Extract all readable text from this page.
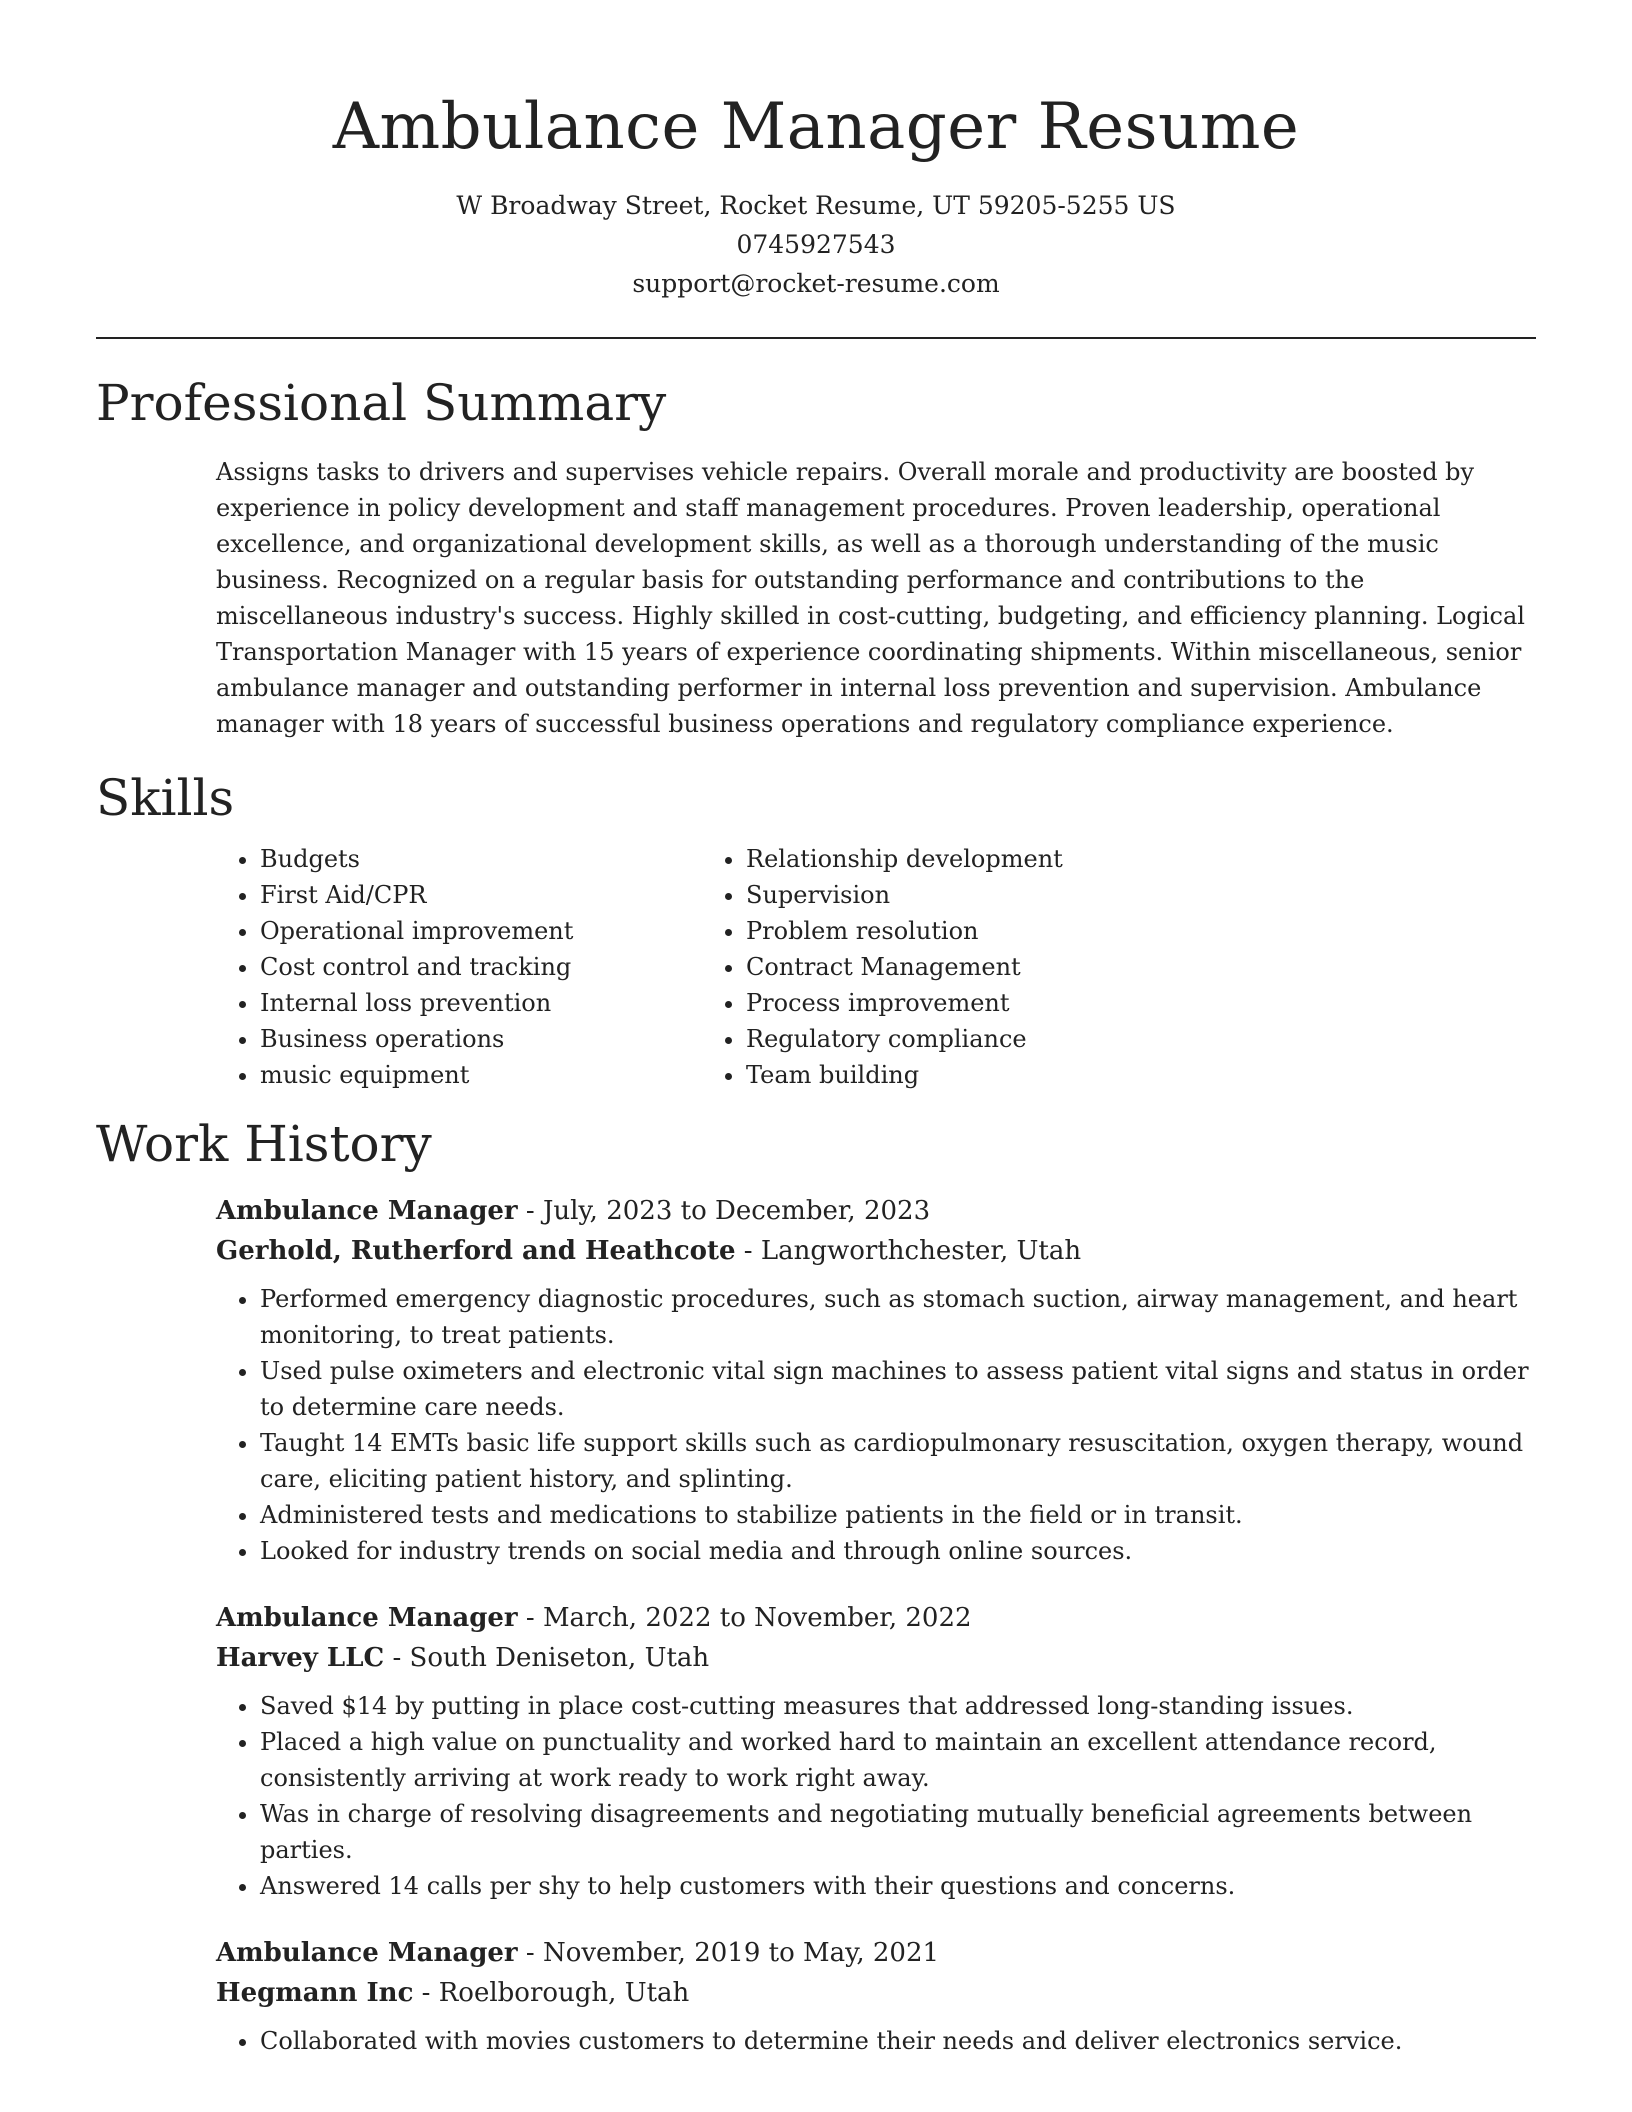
Ambulance Manager Resume
W Broadway Street, Rocket Resume, UT 59205-5255 US
0745927543
support@rocket-resume.com
Professional Summary

Assigns tasks to drivers and supervises vehicle repairs. Overall morale and productivity are boosted by experience in policy development and staff management procedures. Proven leadership, operational excellence, and organizational development skills, as well as a thorough understanding of the music business. Recognized on a regular basis for outstanding performance and contributions to the miscellaneous industry's success. Highly skilled in cost-cutting, budgeting, and efficiency planning. Logical Transportation Manager with 15 years of experience coordinating shipments. Within miscellaneous, senior ambulance manager and outstanding performer in internal loss prevention and supervision. Ambulance manager with 18 years of successful business operations and regulatory compliance experience.

Skills
• Budgets
• First Aid/CPR
• Operational improvement
• Cost control and tracking
• Internal loss prevention
• Business operations
• music equipment
• Relationship development
• Supervision
• Problem resolution
• Contract Management
• Process improvement
• Regulatory compliance
• Team building
Work History
Ambulance Manager - July, 2023 to December, 2023
Gerhold, Rutherford and Heathcote - Langworthchester, Utah
• Performed emergency diagnostic procedures, such as stomach suction, airway management, and heart monitoring, to treat patients.
• Used pulse oximeters and electronic vital sign machines to assess patient vital signs and status in order to determine care needs.
• Taught 14 EMTs basic life support skills such as cardiopulmonary resuscitation, oxygen therapy, wound care, eliciting patient history, and splinting.
• Administered tests and medications to stabilize patients in the field or in transit.
• Looked for industry trends on social media and through online sources.
Ambulance Manager - March, 2022 to November, 2022
Harvey LLC - South Deniseton, Utah
• Saved $14 by putting in place cost-cutting measures that addressed long-standing issues.
• Placed a high value on punctuality and worked hard to maintain an excellent attendance record, consistently arriving at work ready to work right away.
• Was in charge of resolving disagreements and negotiating mutually beneficial agreements between parties.
• Answered 14 calls per shy to help customers with their questions and concerns.
Ambulance Manager - November, 2019 to May, 2021
Hegmann Inc - Roelborough, Utah
• Collaborated with movies customers to determine their needs and deliver electronics service.
